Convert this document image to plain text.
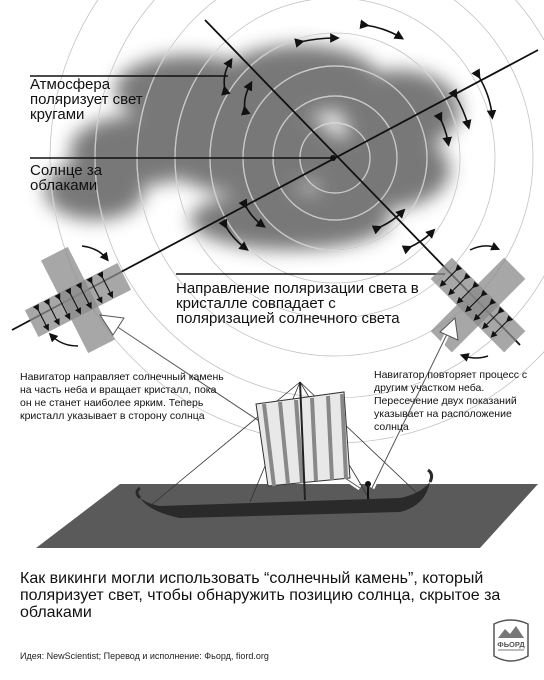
Атмосфера поляризует свет кругами
Солнце за облаками
Направление поляризации света в кристалле совпадает с поляризацией солнечного света
Навигатор направляет солнечный камень на часть неба и вращает кристалл, пока он не станет наиболее ярким. Теперь кристалл указывает в сторону солнца
Навигатор повторяет процесс с другим участком неба. Пересечение двух показаний указывает на расположение солнца
Как викинги могли использовать “солнечный камень”, который поляризует свет, чтобы обнаружить позицию солнца, скрытое за облаками
Идея: NewScientist; Перевод и исполнение: Фьорд, fiord.org
ФЬОРД
